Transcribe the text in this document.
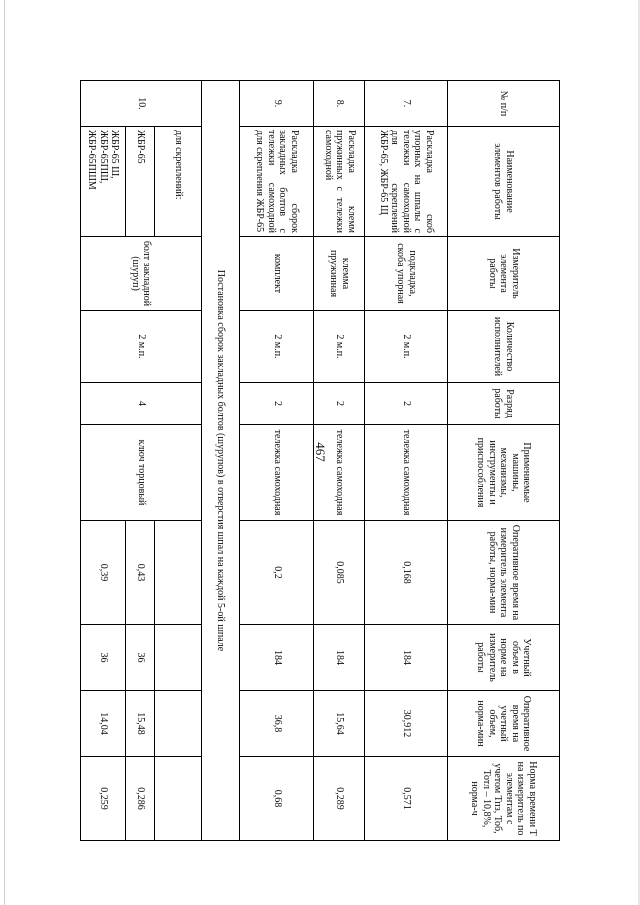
467
№ п/п	Наименование элементов работы	Измеритель элемента работы	Количество исполнителей	Разряд работы	Применяемые машины, механизмы, инструменты и приспособления	Оперативное время на измеритель элемента работы, норма-мин	Учетный объем в норме на измеритель работы	Оперативное время на учетный объем, норма-мин	Норма времени Т на измеритель по элементам с учетом Тпз, Тоб, Тотл – 10,8%, норма-ч
7.	Раскладка скоб упорных на шпалы с тележки самоходной для скреплений ЖБР-65, ЖБР-65 Щ	подкладка, скоба упорная	2 м.п.	2	тележка самоходная	0,168	184	30,912	0,571
8.	Раскладка клемм пружинных с тележки самоходной	клемма пружинная	2 м.п.	2	тележка самоходная	0,085	184	15,64	0,289
9.	Раскладка сборок закладных болтов с тележки самоходной для скрепления ЖБР-65	комплект	2 м.п.	2	тележка самоходная	0,2	184	36,8	0,68
Постановка сборок закладных болтов (шурупов) в отверстия шпал на каждой 5-ой шпале									
10.	для скреплений:	болт закладной (шуруп)	2 м.п.	4	ключ торцовый				
	ЖБР-65					0,43	36	15,48	0,286
	ЖБР-65 Ш, ЖБР-65ПШ, ЖБР-65ПШМ					0,39	36	14,04	0,259
